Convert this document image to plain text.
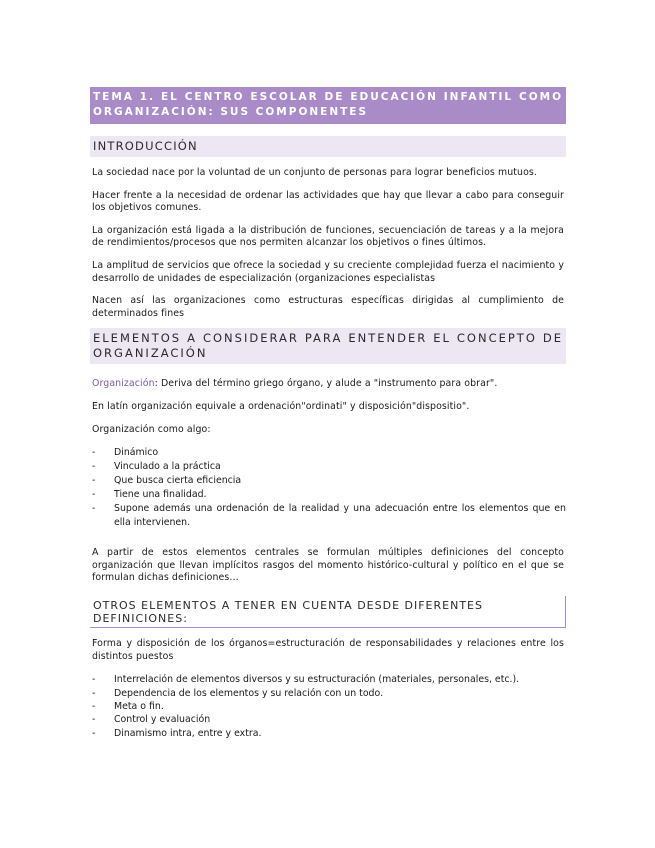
TEMA 1. EL CENTRO ESCOLAR DE EDUCACIÓN INFANTIL COMO ORGANIZACIÓN: SUS COMPONENTES
INTRODUCCIÓN

La sociedad nace por la voluntad de un conjunto de personas para lograr beneficios mutuos.

Hacer frente a la necesidad de ordenar las actividades que hay que llevar a cabo para conseguir los objetivos comunes.

La organización está ligada a la distribución de funciones, secuenciación de tareas y a la mejora de rendimientos/procesos que nos permiten alcanzar los objetivos o fines últimos.

La amplitud de servicios que ofrece la sociedad y su creciente complejidad fuerza el nacimiento y desarrollo de unidades de especialización (organizaciones especialistas

Nacen así las organizaciones como estructuras específicas dirigidas al cumplimiento de determinados fines

ELEMENTOS A CONSIDERAR PARA ENTENDER EL CONCEPTO DE ORGANIZACIÓN

Organización: Deriva del término griego órgano, y alude a "instrumento para obrar".

En latín organización equivale a ordenación"ordinati" y disposición"dispositio".

Organización como algo:

- Dinámico
- Vinculado a la práctica
- Que busca cierta eficiencia
- Tiene una finalidad.
- Supone además una ordenación de la realidad y una adecuación entre los elementos que en ella intervienen.

A partir de estos elementos centrales se formulan múltiples definiciones del concepto organización que llevan implícitos rasgos del momento histórico-cultural y político en el que se formulan dichas definiciones…

OTROS ELEMENTOS A TENER EN CUENTA DESDE DIFERENTES DEFINICIONES:

Forma y disposición de los órganos=estructuración de responsabilidades y relaciones entre los distintos puestos

- Interrelación de elementos diversos y su estructuración (materiales, personales, etc.).
- Dependencia de los elementos y su relación con un todo.
- Meta o fin.
- Control y evaluación
- Dinamismo intra, entre y extra.
